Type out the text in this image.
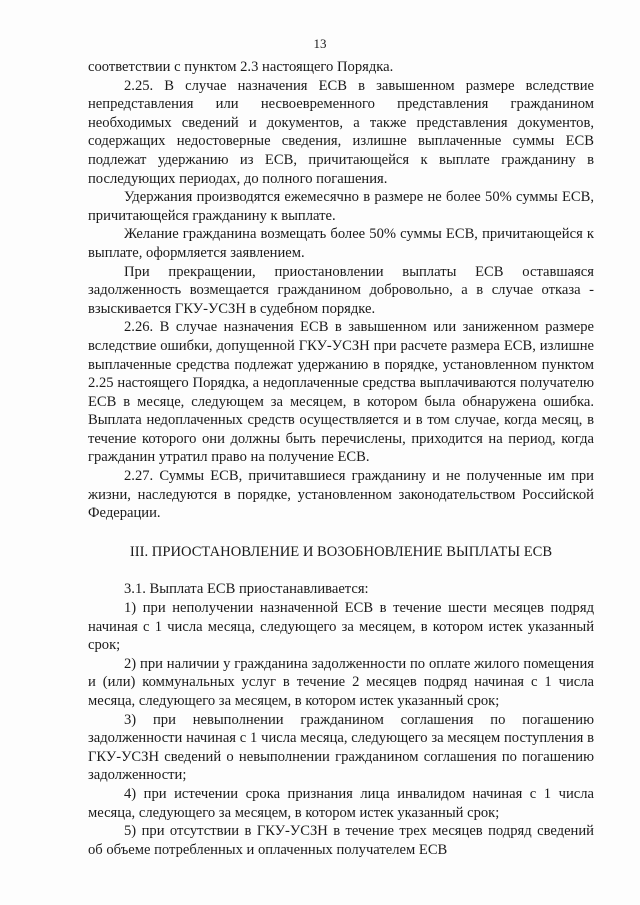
13

соответствии с пунктом 2.3 настоящего Порядка.

2.25. В случае назначения ЕСВ в завышенном размере вследствие непредставления или несвоевременного представления гражданином необходимых сведений и документов, а также представления документов, содержащих недостоверные сведения, излишне выплаченные суммы ЕСВ подлежат удержанию из ЕСВ, причитающейся к выплате гражданину в последующих периодах, до полного погашения.

Удержания производятся ежемесячно в размере не более 50% суммы ЕСВ, причитающейся гражданину к выплате.

Желание гражданина возмещать более 50% суммы ЕСВ, причитающейся к выплате, оформляется заявлением.

При прекращении, приостановлении выплаты ЕСВ оставшаяся задолженность возмещается гражданином добровольно, а в случае отказа - взыскивается ГКУ-УСЗН в судебном порядке.

2.26. В случае назначения ЕСВ в завышенном или заниженном размере вследствие ошибки, допущенной ГКУ-УСЗН при расчете размера ЕСВ, излишне выплаченные средства подлежат удержанию в порядке, установленном пунктом 2.25 настоящего Порядка, а недоплаченные средства выплачиваются получателю ЕСВ в месяце, следующем за месяцем, в котором была обнаружена ошибка. Выплата недоплаченных средств осуществляется и в том случае, когда месяц, в течение которого они должны быть перечислены, приходится на период, когда гражданин утратил право на получение ЕСВ.

2.27. Суммы ЕСВ, причитавшиеся гражданину и не полученные им при жизни, наследуются в порядке, установленном законодательством Российской Федерации.

III. ПРИОСТАНОВЛЕНИЕ И ВОЗОБНОВЛЕНИЕ ВЫПЛАТЫ ЕСВ

3.1. Выплата ЕСВ приостанавливается:

1) при неполучении назначенной ЕСВ в течение шести месяцев подряд начиная с 1 числа месяца, следующего за месяцем, в котором истек указанный срок;

2) при наличии у гражданина задолженности по оплате жилого помещения и (или) коммунальных услуг в течение 2 месяцев подряд начиная с 1 числа месяца, следующего за месяцем, в котором истек указанный срок;

3) при невыполнении гражданином соглашения по погашению задолженности начиная с 1 числа месяца, следующего за месяцем поступления в ГКУ-УСЗН сведений о невыполнении гражданином соглашения по погашению задолженности;

4) при истечении срока признания лица инвалидом начиная с 1 числа месяца, следующего за месяцем, в котором истек указанный срок;

5) при отсутствии в ГКУ-УСЗН в течение трех месяцев подряд сведений об объеме потребленных и оплаченных получателем ЕСВ
